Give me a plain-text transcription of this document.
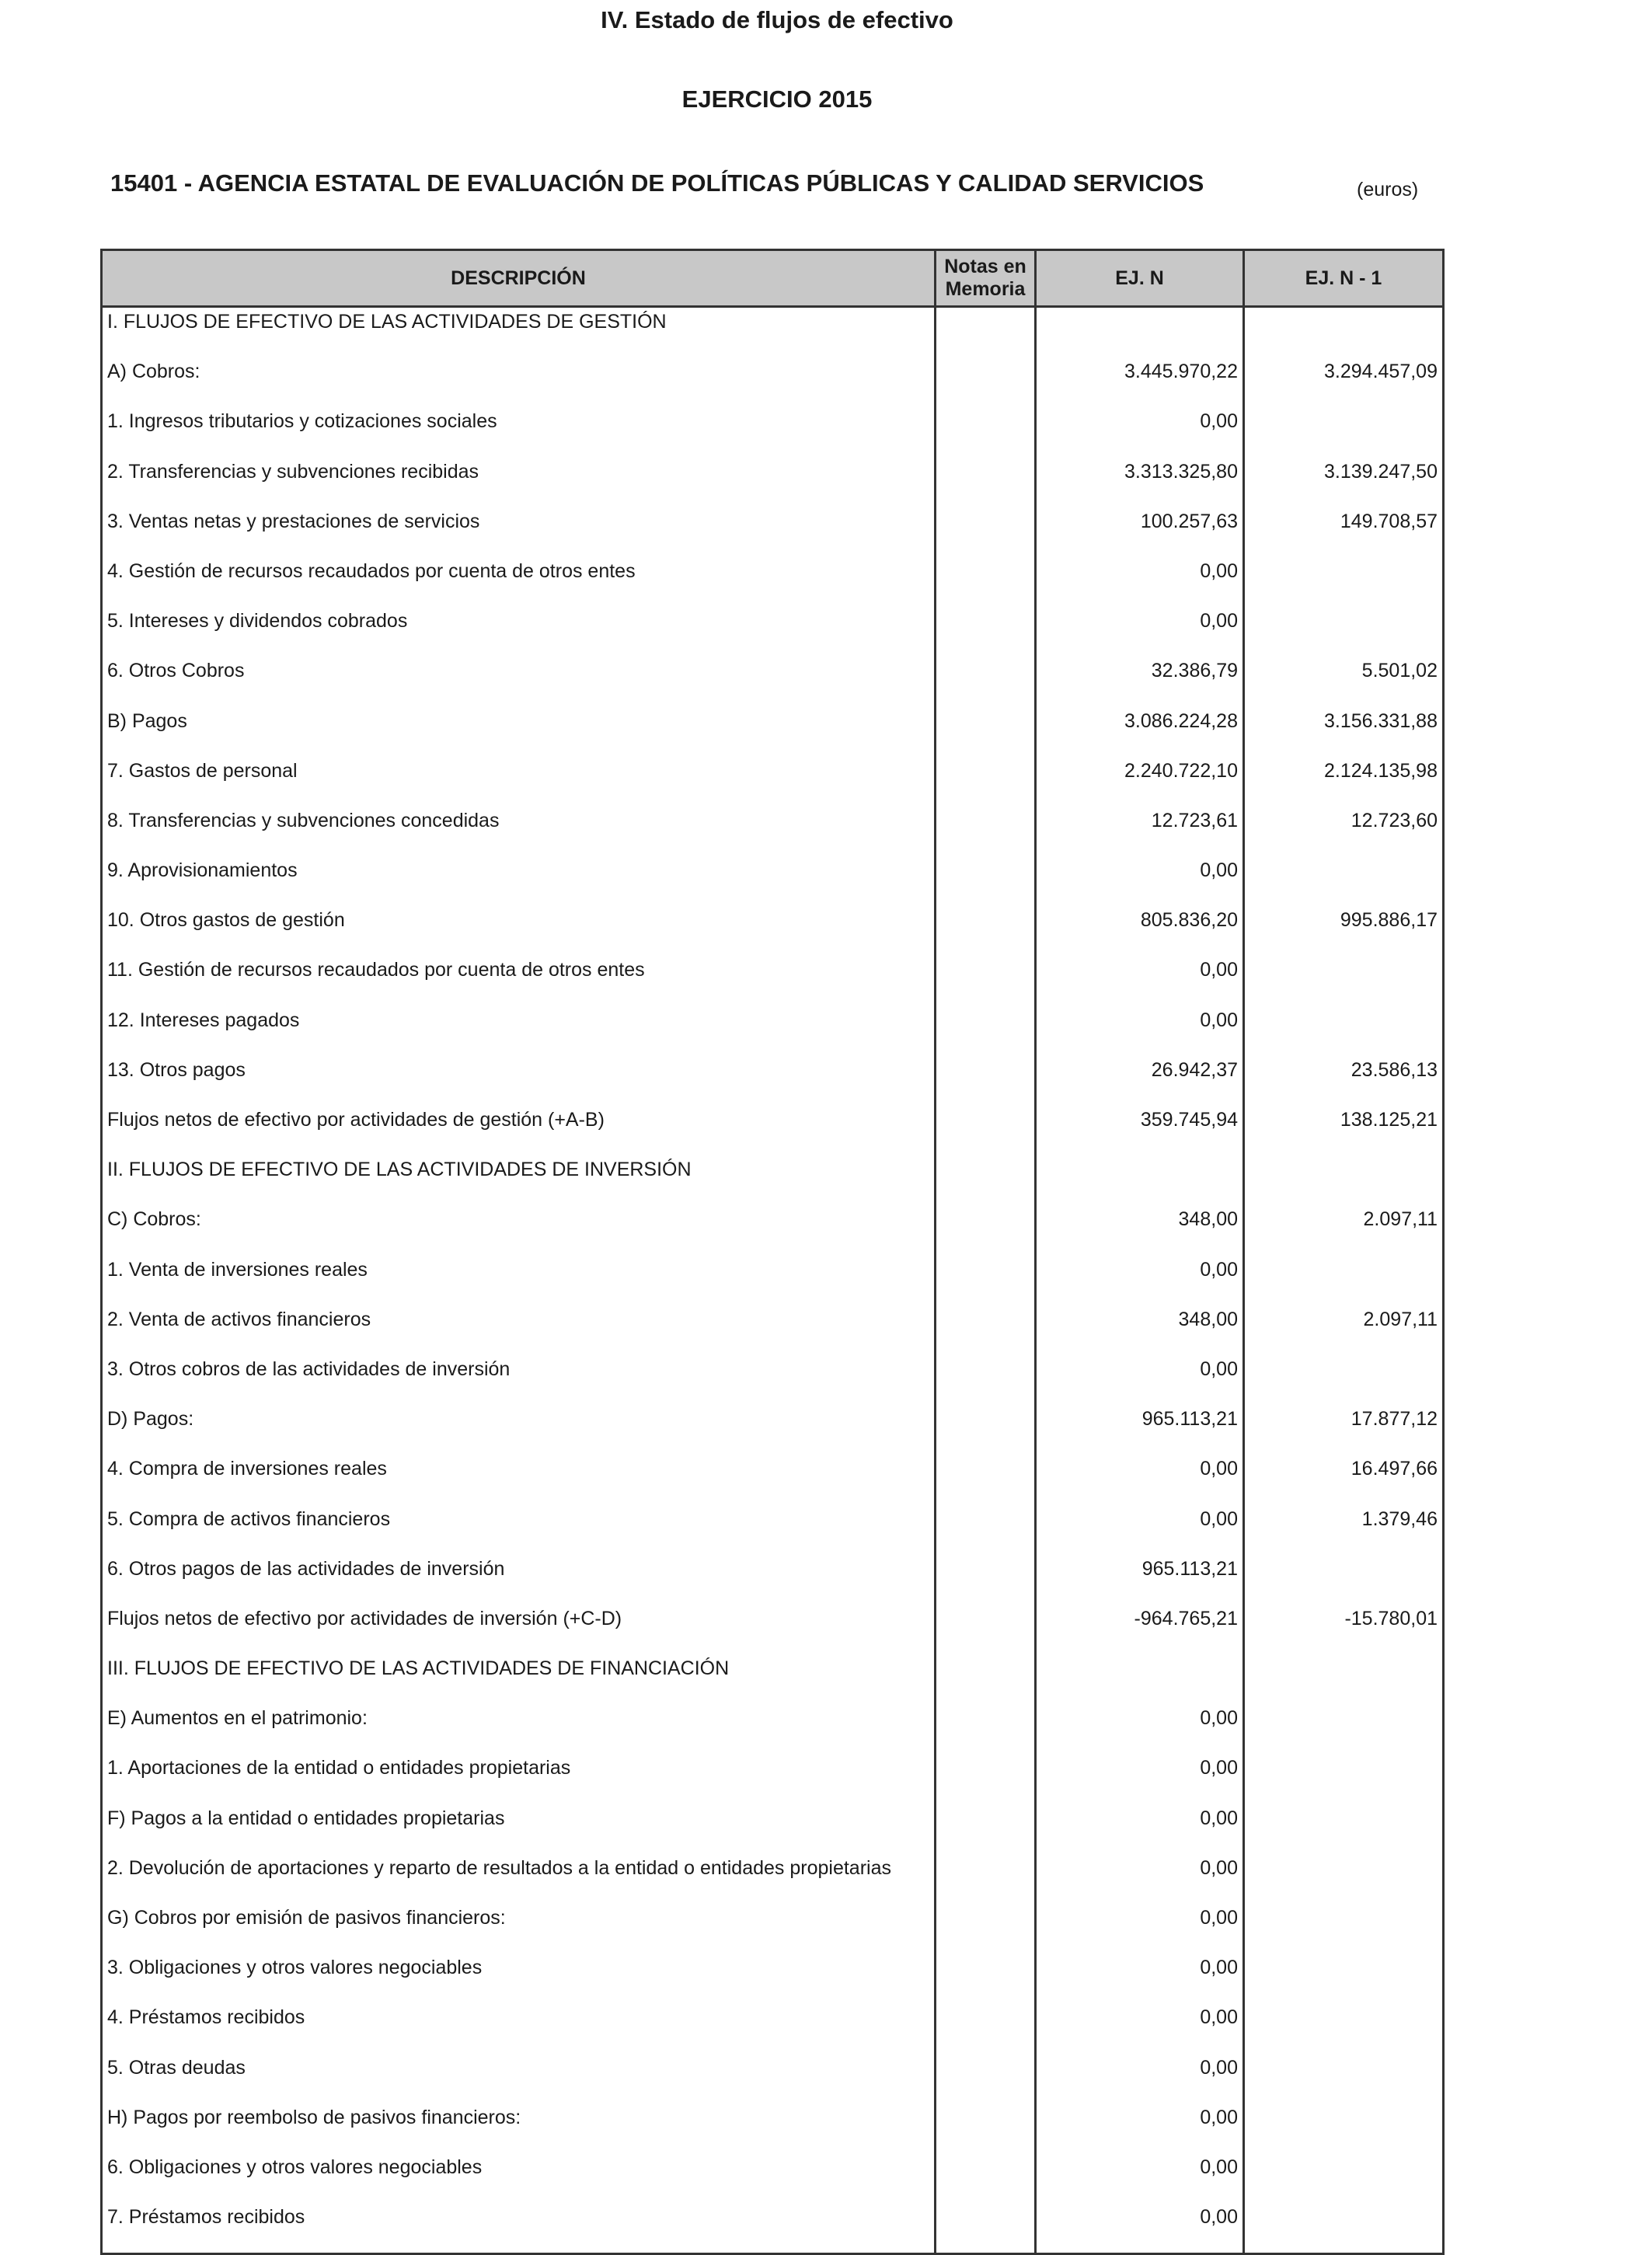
IV. Estado de flujos de efectivo
EJERCICIO 2015
15401 - AGENCIA ESTATAL DE EVALUACIÓN DE POLÍTICAS PÚBLICAS Y CALIDAD SERVICIOS	(euros)
DESCRIPCIÓN	Notas en Memoria	EJ. N	EJ. N - 1
I. FLUJOS DE EFECTIVO DE LAS ACTIVIDADES DE GESTIÓN			
A) Cobros:		3.445.970,22	3.294.457,09
1. Ingresos tributarios y cotizaciones sociales		0,00	
2. Transferencias y subvenciones recibidas		3.313.325,80	3.139.247,50
3. Ventas netas y prestaciones de servicios		100.257,63	149.708,57
4. Gestión de recursos recaudados por cuenta de otros entes		0,00	
5. Intereses y dividendos cobrados		0,00	
6. Otros Cobros		32.386,79	5.501,02
B) Pagos		3.086.224,28	3.156.331,88
7. Gastos de personal		2.240.722,10	2.124.135,98
8. Transferencias y subvenciones concedidas		12.723,61	12.723,60
9. Aprovisionamientos		0,00	
10. Otros gastos de gestión		805.836,20	995.886,17
11. Gestión de recursos recaudados por cuenta de otros entes		0,00	
12. Intereses pagados		0,00	
13. Otros pagos		26.942,37	23.586,13
Flujos netos de efectivo por actividades de gestión (+A-B)		359.745,94	138.125,21
II. FLUJOS DE EFECTIVO DE LAS ACTIVIDADES DE INVERSIÓN			
C) Cobros:		348,00	2.097,11
1. Venta de inversiones reales		0,00	
2. Venta de activos financieros		348,00	2.097,11
3. Otros cobros de las actividades de inversión		0,00	
D) Pagos:		965.113,21	17.877,12
4. Compra de inversiones reales		0,00	16.497,66
5. Compra de activos financieros		0,00	1.379,46
6. Otros pagos de las actividades de inversión		965.113,21	
Flujos netos de efectivo por actividades de inversión (+C-D)		-964.765,21	-15.780,01
III. FLUJOS DE EFECTIVO DE LAS ACTIVIDADES DE FINANCIACIÓN			
E) Aumentos en el patrimonio:		0,00	
1. Aportaciones de la entidad o entidades propietarias		0,00	
F) Pagos a la entidad o entidades propietarias		0,00	
2. Devolución de aportaciones y reparto de resultados a la entidad o entidades propietarias		0,00	
G) Cobros por emisión de pasivos financieros:		0,00	
3. Obligaciones y otros valores negociables		0,00	
4. Préstamos recibidos		0,00	
5. Otras deudas		0,00	
H) Pagos por reembolso de pasivos financieros:		0,00	
6. Obligaciones y otros valores negociables		0,00	
7. Préstamos recibidos		0,00	
